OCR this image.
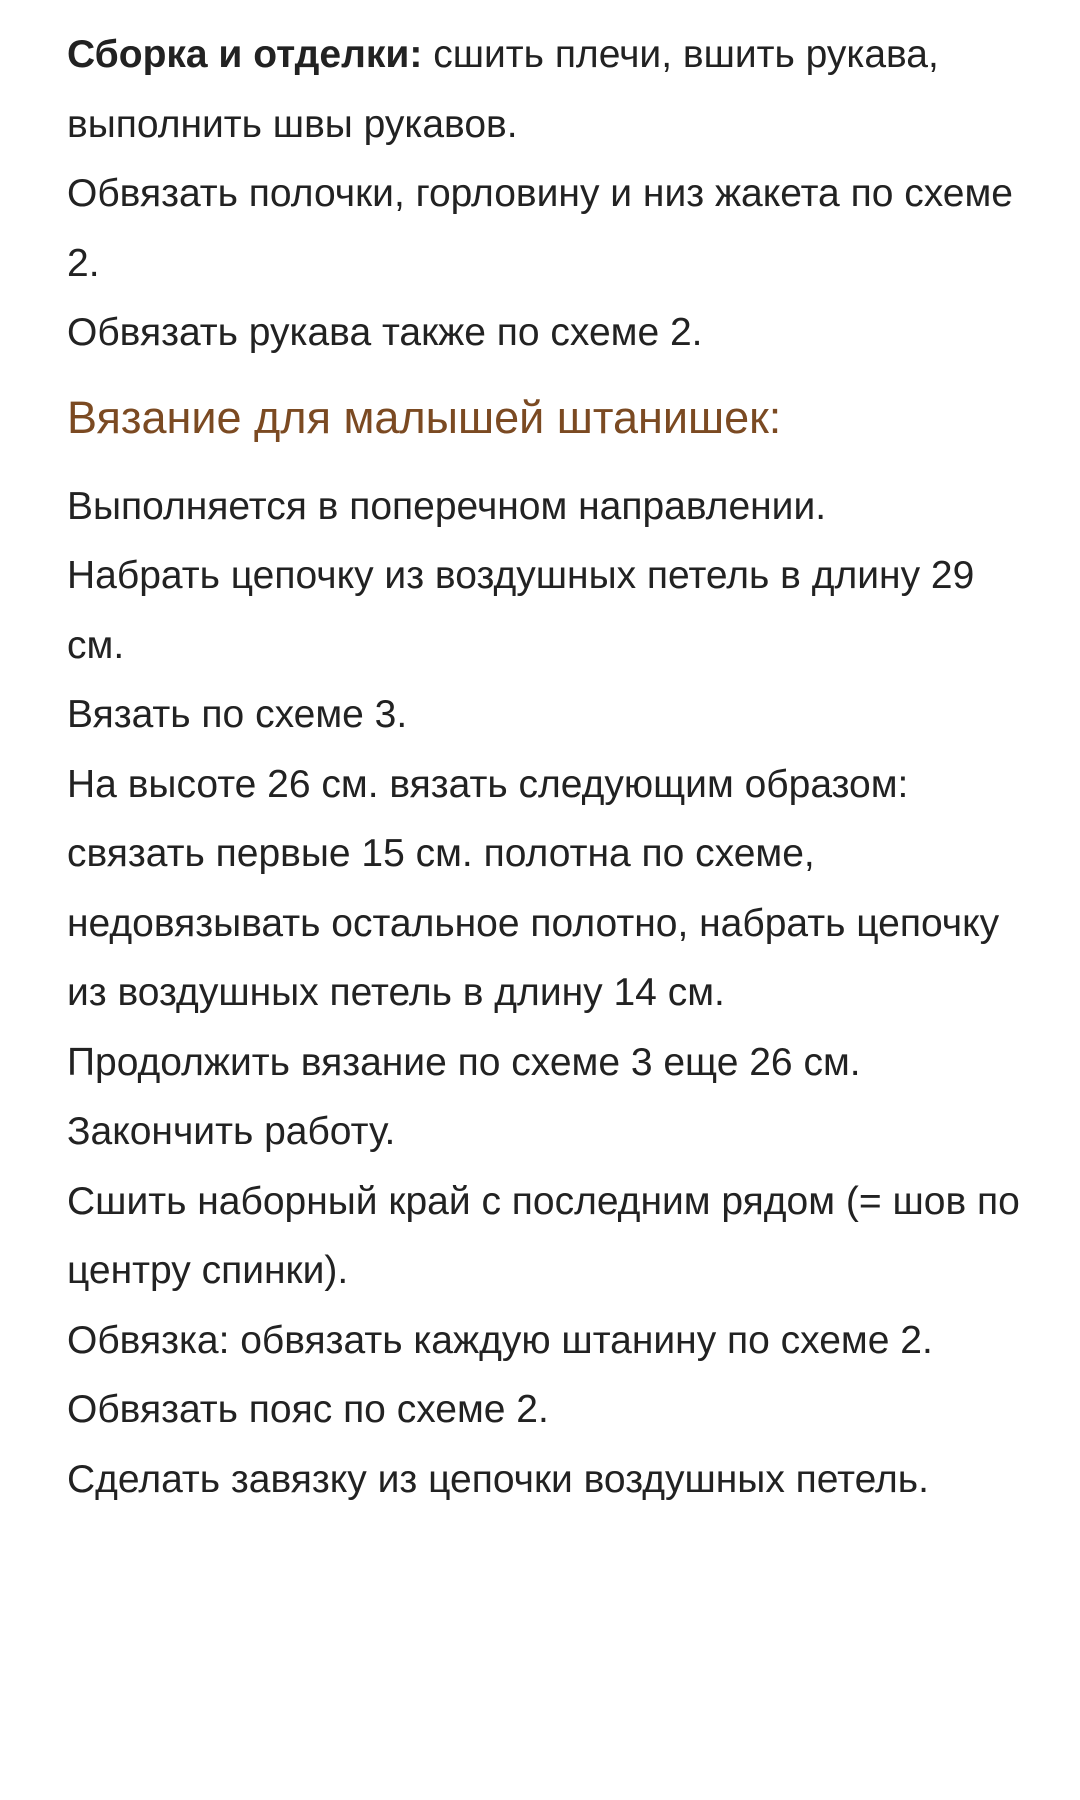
Сборка и отделки: сшить плечи, вшить рукава, выполнить швы рукавов.

Обвязать полочки, горловину и низ жакета по схеме 2.

Обвязать рукава также по схеме 2.

Вязание для малышей штанишек:

Выполняется в поперечном направлении.

Набрать цепочку из воздушных петель в длину 29 см.

Вязать по схеме 3.

На высоте 26 см. вязать следующим образом: связать первые 15 см. полотна по схеме, недовязывать остальное полотно, набрать цепочку из воздушных петель в длину 14 см.

Продолжить вязание по схеме 3 еще 26 см.

Закончить работу.

Сшить наборный край с последним рядом (= шов по центру спинки).

Обвязка: обвязать каждую штанину по схеме 2.

Обвязать пояс по схеме 2.

Сделать завязку из цепочки воздушных петель.
